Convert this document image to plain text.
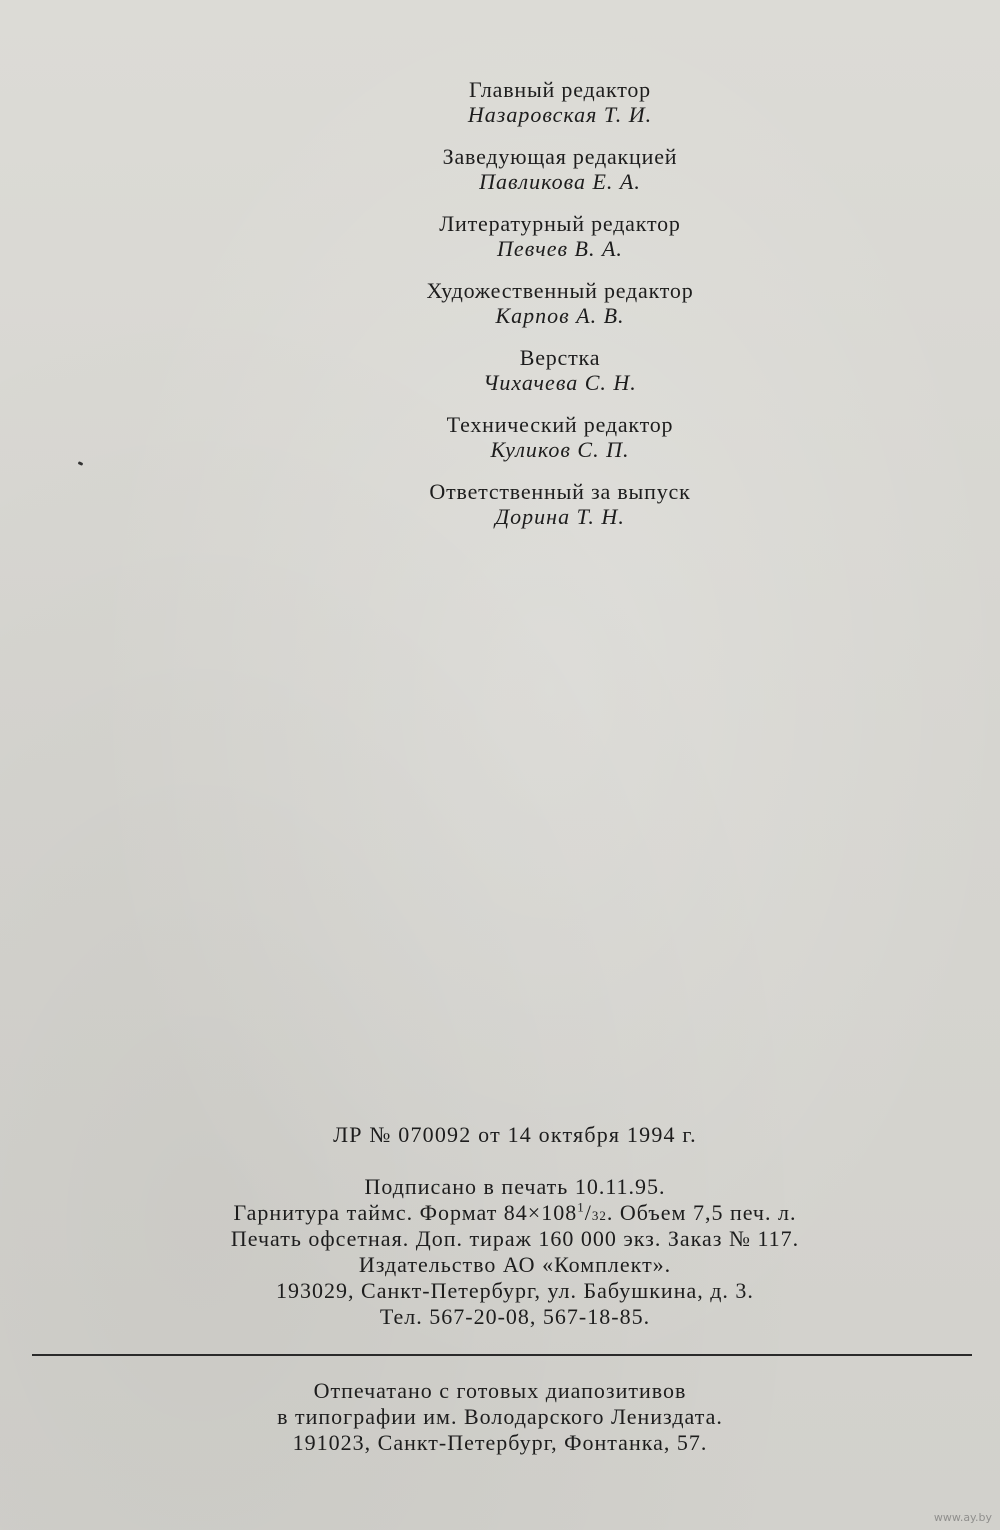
Главный редактор
Назаровская Т. И.
Заведующая редакцией
Павликова Е. А.
Литературный редактор
Певчев В. А.
Художественный редактор
Карпов А. В.
Верстка
Чихачева С. Н.
Технический редактор
Куликов С. П.
Ответственный за выпуск
Дорина Т. Н.
ЛР № 070092 от 14 октября 1994 г.
Подписано в печать 10.11.95.
Гарнитура таймс. Формат $84\times 108^1/32$. Объем 7,5 печ. л.
Печать офсетная. Доп. тираж 160 000 экз. Заказ № 117.
Издательство АО «Комплект».
193029, Санкт-Петербург, ул. Бабушкина, д. 3.
Тел. 567-20-08, 567-18-85.
Отпечатано с готовых диапозитивов
в типографии им. Володарского Лениздата.
191023, Санкт-Петербург, Фонтанка, 57.
www.ay.by
